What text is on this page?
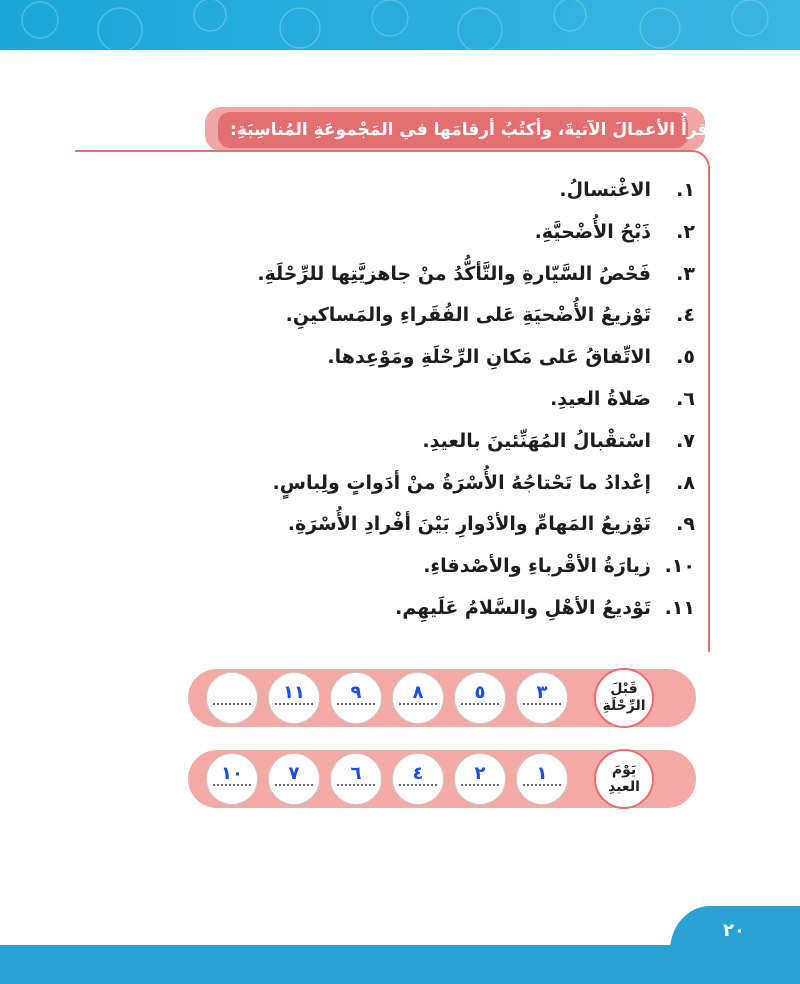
٧. أقرأُ الأعمالَ الآتيةَ، وأكتُبُ أرقامَها في المَجْموعَةِ المُناسِبَةِ:
١.الاغْتسالُ.
٢.ذَبْحُ الأُضْحيَّةِ.
٣.فَحْصُ السَّيّارةِ والتَّأكُّدُ منْ جاهزيَّتِها للرِّحْلَةِ.
٤.تَوْزيعُ الأُضْحيَةِ عَلى الفُقَراءِ والمَساكينِ.
٥.الاتِّفاقُ عَلى مَكانِ الرِّحْلَةِ ومَوْعِدها.
٦.صَلاةُ العيدِ.
٧.اسْتقْبالُ المُهَنِّئينَ بالعيدِ.
٨.إعْدادُ ما تَحْتاجُهُ الأُسْرَةُ منْ أدَواتٍ ولِباسٍ.
٩.تَوْزيعُ المَهامِّ والأدْوارِ بَيْنَ أفْرادِ الأُسْرَةِ.
١٠.زيارَةُ الأقْرباءِ والأصْدقاءِ.
١١.تَوْديعُ الأهْلِ والسَّلامُ عَلَيهِم.
قَبْلَ
الرِّحْلَةِ
٣
٥
٨
٩
١١
يَوْمَ
العيدِ
١
٢
٤
٦
٧
١٠
٢٠
